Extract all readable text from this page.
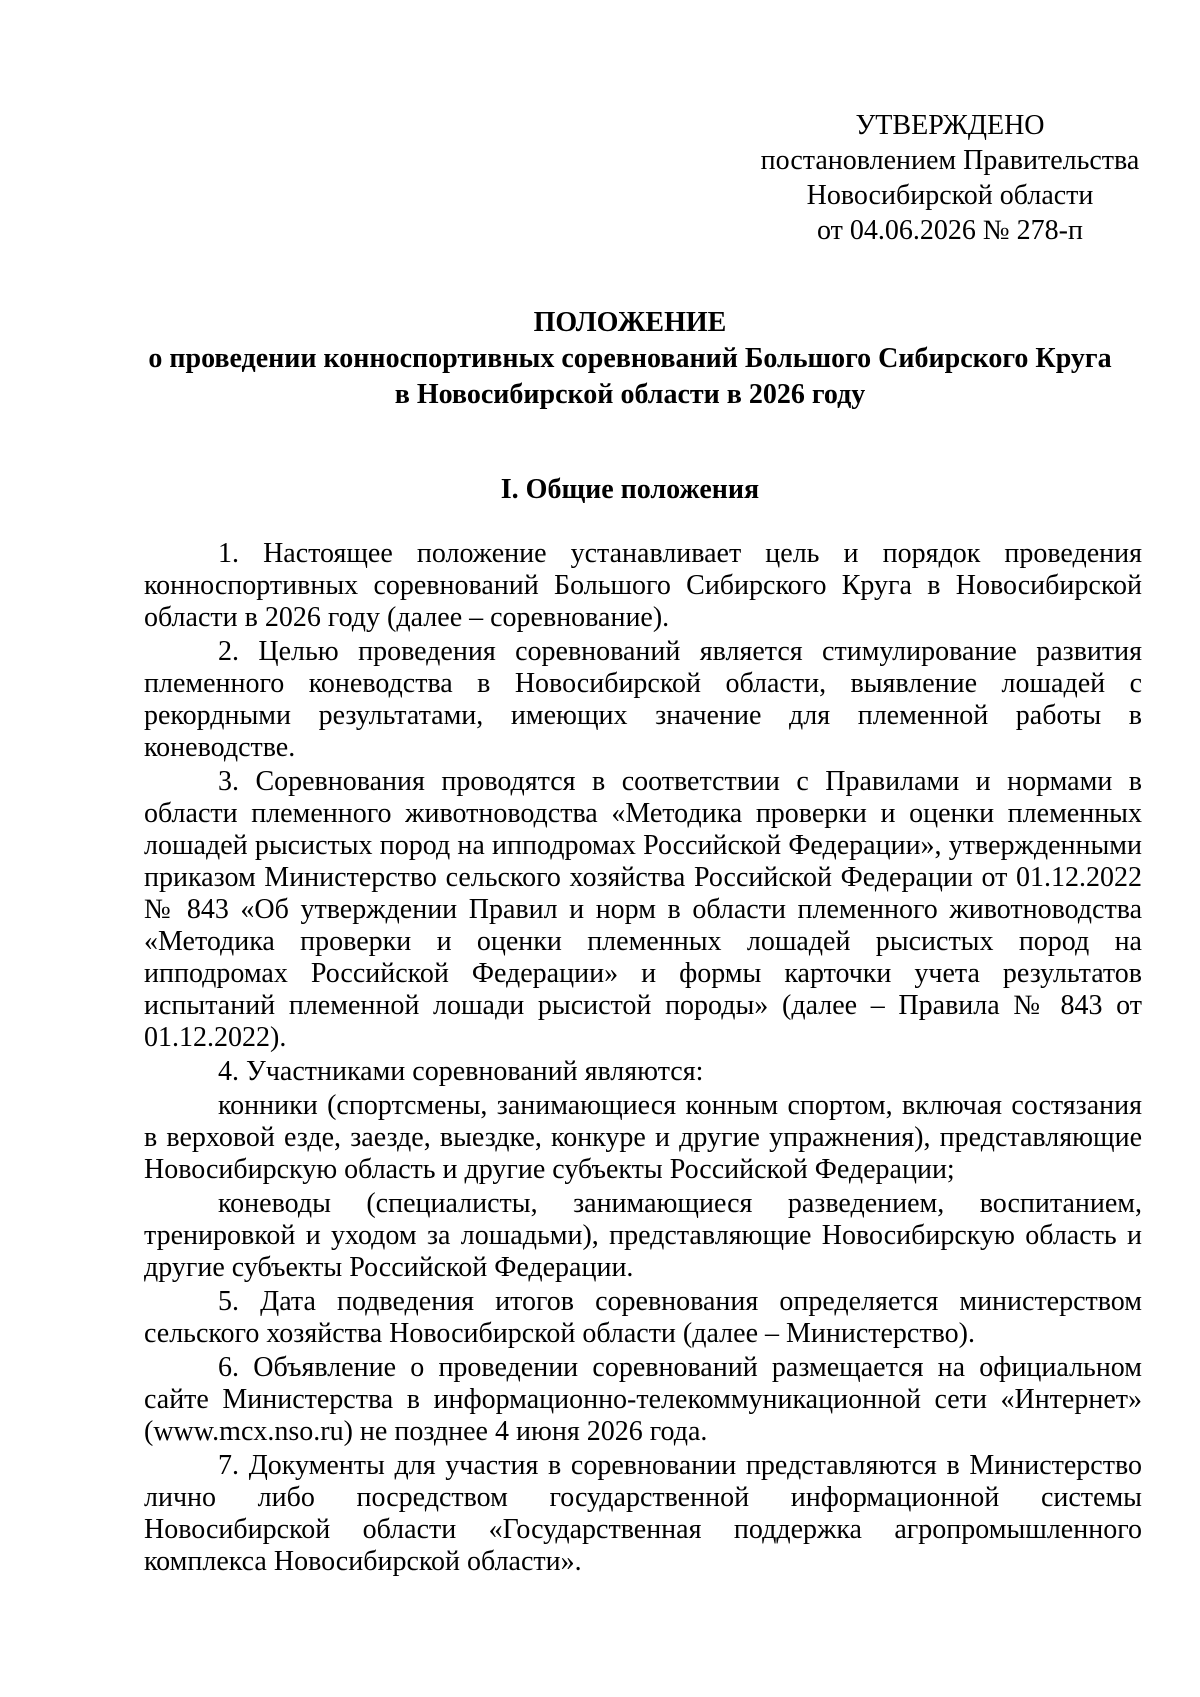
УТВЕРЖДЕНО
постановлением Правительства
Новосибирской области
от 04.06.2026 № 278-п
ПОЛОЖЕНИЕ
о проведении конноспортивных соревнований Большого Сибирского Круга
в Новосибирской области в 2026 году
I. Общие положения

1. Настоящее положение устанавливает цель и порядок проведения конноспортивных соревнований Большого Сибирского Круга в Новосибирской области в 2026 году (далее – соревнование).

2. Целью проведения соревнований является стимулирование развития племенного коневодства в Новосибирской области, выявление лошадей с рекордными результатами, имеющих значение для племенной работы в коневодстве.

3. Соревнования проводятся в соответствии с Правилами и нормами в области племенного животноводства «Методика проверки и оценки племенных лошадей рысистых пород на ипподромах Российской Федерации», утвержденными приказом Министерство сельского хозяйства Российской Федерации от 01.12.2022 № 843 «Об утверждении Правил и норм в области племенного животноводства «Методика проверки и оценки племенных лошадей рысистых пород на ипподромах Российской Федерации» и формы карточки учета результатов испытаний племенной лошади рысистой породы» (далее – Правила № 843 от 01.12.2022).

4. Участниками соревнований являются:

конники (спортсмены, занимающиеся конным спортом, включая состязания в верховой езде, заезде, выездке, конкуре и другие упражнения), представляющие Новосибирскую область и другие субъекты Российской Федерации;

коневоды (специалисты, занимающиеся разведением, воспитанием, тренировкой и уходом за лошадьми), представляющие Новосибирскую область и другие субъекты Российской Федерации.

5. Дата подведения итогов соревнования определяется министерством сельского хозяйства Новосибирской области (далее – Министерство).

6. Объявление о проведении соревнований размещается на официальном сайте Министерства в информационно-телекоммуникационной сети «Интернет» (www.mcx.nso.ru) не позднее 4 июня 2026 года.

7. Документы для участия в соревновании представляются в Министерство лично либо посредством государственной информационной системы Новосибирской области «Государственная поддержка агропромышленного комплекса Новосибирской области».
